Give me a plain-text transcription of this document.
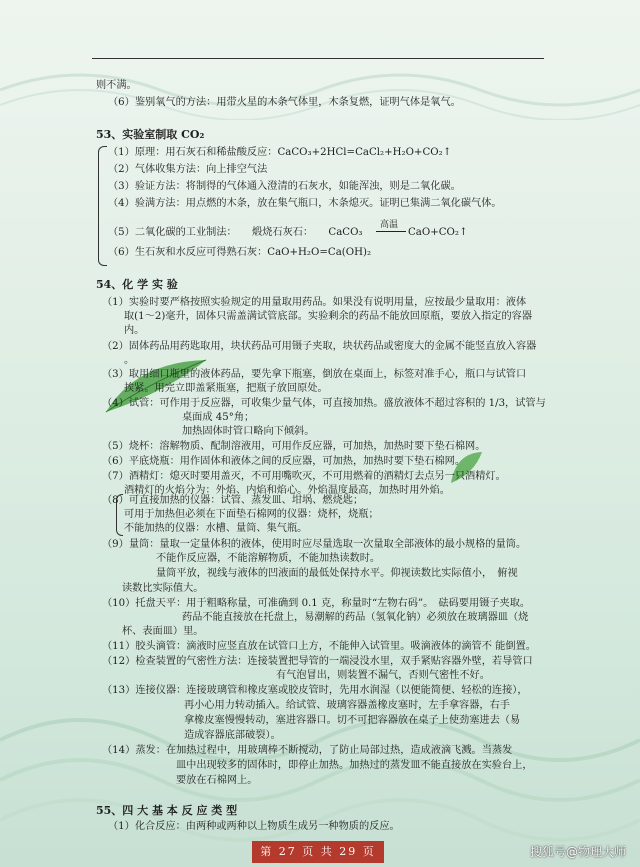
则不满。
（6）鉴别氧气的方法：用带火星的木条气体里，木条复燃，证明气体是氧气。
53、实验室制取 CO₂
（1）原理：用石灰石和稀盐酸反应：CaCO₃+2HCl=CaCl₂+H₂O+CO₂↑
（2）气体收集方法：向上排空气法
（3）验证方法：将制得的气体通入澄清的石灰水，如能浑浊，则是二氧化碳。
（4）验满方法：用点燃的木条，放在集气瓶口，木条熄灭。证明已集满二氧化碳气体。
高温
（5）二氧化碳的工业制法：　　煅烧石灰石：　　CaCO₃	CaO+CO₂↑
（6）生石灰和水反应可得熟石灰：CaO+H₂O=Ca(OH)₂
54、化 学 实 验
（1）实验时要严格按照实验规定的用量取用药品。如果没有说明用量，应按最少量取用：液体
取(1～2)毫升，固体只需盖满试管底部。实验剩余的药品不能放回原瓶，要放入指定的容器
内。
（2）固体药品用药匙取用，块状药品可用镊子夹取，块状药品或密度大的金属不能竖直放入容器
。
（3）取用细口瓶里的液体药品，要先拿下瓶塞，倒放在桌面上，标签对准手心，瓶口与试管口
挨紧。用完立即盖紧瓶塞，把瓶子放回原处。
（4）试管：可作用于反应器，可收集少量气体，可直接加热。盛放液体不超过容积的 1/3，试管与
桌面成 45°角；
加热固体时管口略向下倾斜。
（5）烧杯：溶解物质、配制溶液用，可用作反应器，可加热，加热时要下垫石棉网。
（6）平底烧瓶：用作固体和液体之间的反应器，可加热，加热时要下垫石棉网。
（7）酒精灯：熄灭时要用盖灭，不可用嘴吹灭，不可用燃着的酒精灯去点另一只酒精灯。
酒精灯的火焰分为：外焰、内焰和焰心。外焰温度最高，加热时用外焰。
（8）可直接加热的仪器：试管、蒸发皿、坩埚、燃烧匙；
可用于加热但必须在下面垫石棉网的仪器：烧杯，烧瓶；
不能加热的仪器：水槽、量筒、集气瓶。
（9）量筒：量取一定量体积的液体，使用时应尽量选取一次量取全部液体的最小规格的量筒。
不能作反应器，不能溶解物质，不能加热读数时。
量筒平放，视线与液体的凹液面的最低处保持水平。仰视读数比实际值小，　俯视
读数比实际值大。
（10）托盘天平：用于粗略称量，可准确到 0.1 克，称量时“左物右码”。　砝码要用镊子夹取。
药品不能直接放在托盘上，易潮解的药品（氢氧化钠）必须放在玻璃器皿（烧
杯、表面皿）里。
（11）胶头滴管：滴液时应竖直放在试管口上方，不能伸入试管里。吸滴液体的滴管不 能倒置。
（12）检查装置的气密性方法：连接装置把导管的一端浸没水里，双手紧贴容器外壁，若导管口
有气泡冒出，则装置不漏气，否则气密性不好。
（13）连接仪器：连接玻璃管和橡皮塞或胶皮管时，先用水润湿（以便能简便、轻松的连接），
再小心用力转动插入。给试管、玻璃容器盖橡皮塞时，左手拿容器，右手
拿橡皮塞慢慢转动，塞进容器口。切不可把容器放在桌子上使劲塞进去（易
造成容器底部破裂）。
（14）蒸发：在加热过程中，用玻璃棒不断搅动，了防止局部过热，造成液滴飞溅。当蒸发
皿中出现较多的固体时，即停止加热。加热过的蒸发皿不能直接放在实验台上，
要放在石棉网上。
55、四 大 基 本 反 应 类 型
（1）化合反应：由两种或两种以上物质生成另一种物质的反应。
第 27 页 共 29 页	搜狐号@物理大师
